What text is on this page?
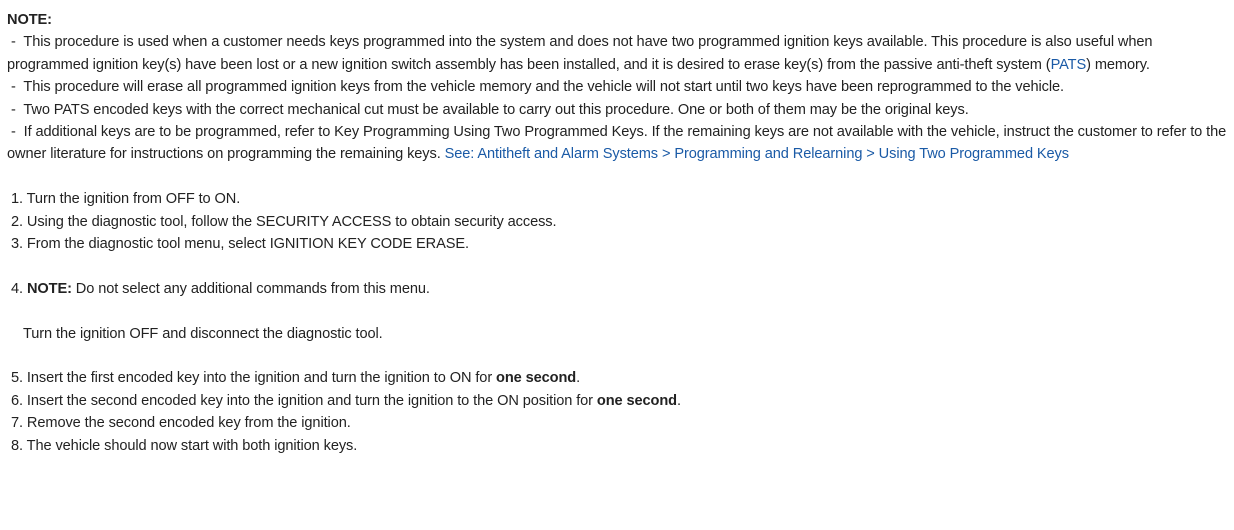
NOTE:

-  This procedure is used when a customer needs keys programmed into the system and does not have two programmed ignition keys available. This procedure is also useful when programmed ignition key(s) have been lost or a new ignition switch assembly has been installed, and it is desired to erase key(s) from the passive anti-theft system (PATS) memory.

-  This procedure will erase all programmed ignition keys from the vehicle memory and the vehicle will not start until two keys have been reprogrammed to the vehicle.

-  Two PATS encoded keys with the correct mechanical cut must be available to carry out this procedure. One or both of them may be the original keys.

-  If additional keys are to be programmed, refer to Key Programming Using Two Programmed Keys. If the remaining keys are not available with the vehicle, instruct the customer to refer to the owner literature for instructions on programming the remaining keys. See: Antitheft and Alarm Systems > Programming and Relearning > Using Two Programmed Keys

1. Turn the ignition from OFF to ON.

2. Using the diagnostic tool, follow the SECURITY ACCESS to obtain security access.

3. From the diagnostic tool menu, select IGNITION KEY CODE ERASE.

4. NOTE: Do not select any additional commands from this menu.

Turn the ignition OFF and disconnect the diagnostic tool.

5. Insert the first encoded key into the ignition and turn the ignition to ON for one second.

6. Insert the second encoded key into the ignition and turn the ignition to the ON position for one second.

7. Remove the second encoded key from the ignition.

8. The vehicle should now start with both ignition keys.
